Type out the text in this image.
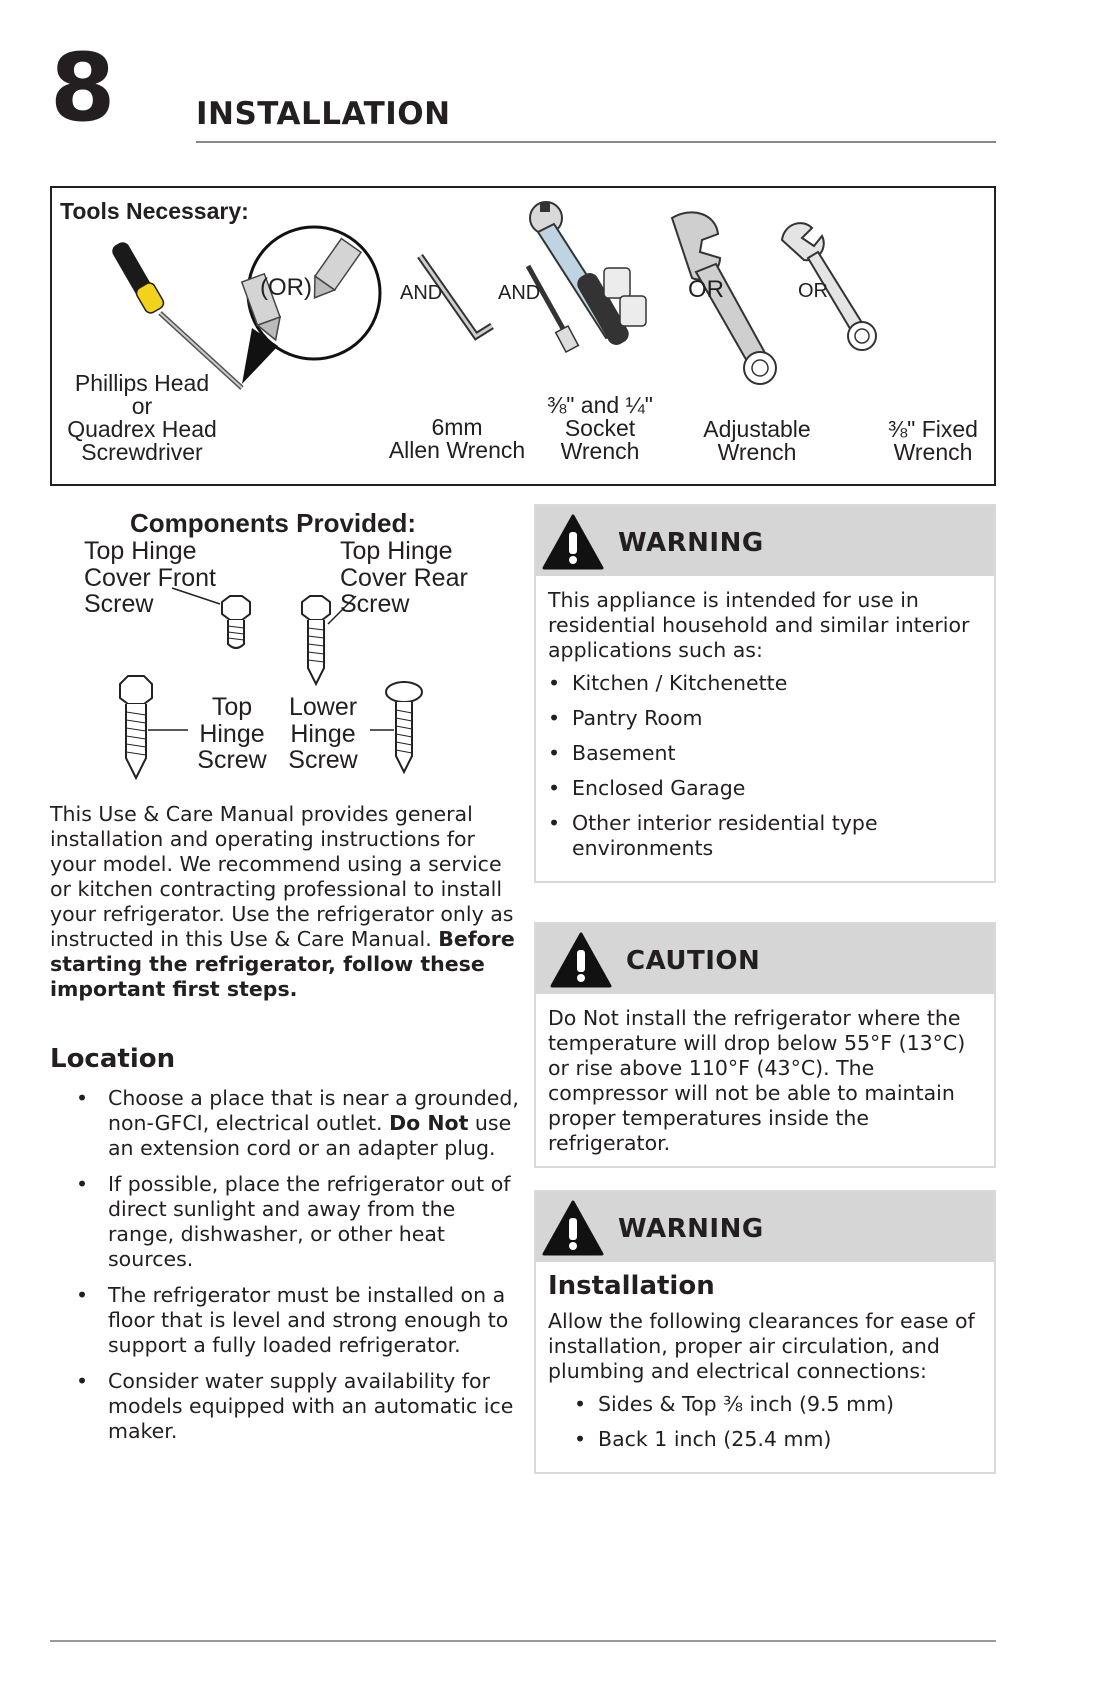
8	INSTALLATION
Tools Necessary:
(OR)	AND	AND	OR	OR
Phillips Head
or
Quadrex Head
Screwdriver
6mm
Allen Wrench
⅜" and ¼"
Socket
Wrench
Adjustable
Wrench
⅜" Fixed
Wrench
Components Provided:
Top Hinge
Cover Front
Screw
Top Hinge
Cover Rear
Screw
Top
Hinge
Screw
Lower
Hinge
Screw
This Use & Care Manual provides general installation and operating instructions for your model. We recommend using a service or kitchen contracting professional to install your refrigerator. Use the refrigerator only as instructed in this Use & Care Manual. Before starting the refrigerator, follow these important first steps.
Location
• Choose a place that is near a grounded, non-GFCI, electrical outlet. Do Not use an extension cord or an adapter plug.
• If possible, place the refrigerator out of direct sunlight and away from the range, dishwasher, or other heat sources.
• The refrigerator must be installed on a floor that is level and strong enough to support a fully loaded refrigerator.
• Consider water supply availability for models equipped with an automatic ice maker.
WARNING
This appliance is intended for use in residential household and similar interior applications such as:
• Kitchen / Kitchenette
• Pantry Room
• Basement
• Enclosed Garage
• Other interior residential type environments
CAUTION
Do Not install the refrigerator where the temperature will drop below 55°F (13°C) or rise above 110°F (43°C). The compressor will not be able to maintain proper temperatures inside the refrigerator.
WARNING
Installation
Allow the following clearances for ease of installation, proper air circulation, and plumbing and electrical connections:
• Sides & Top ⅜ inch (9.5 mm)
• Back 1 inch (25.4 mm)
